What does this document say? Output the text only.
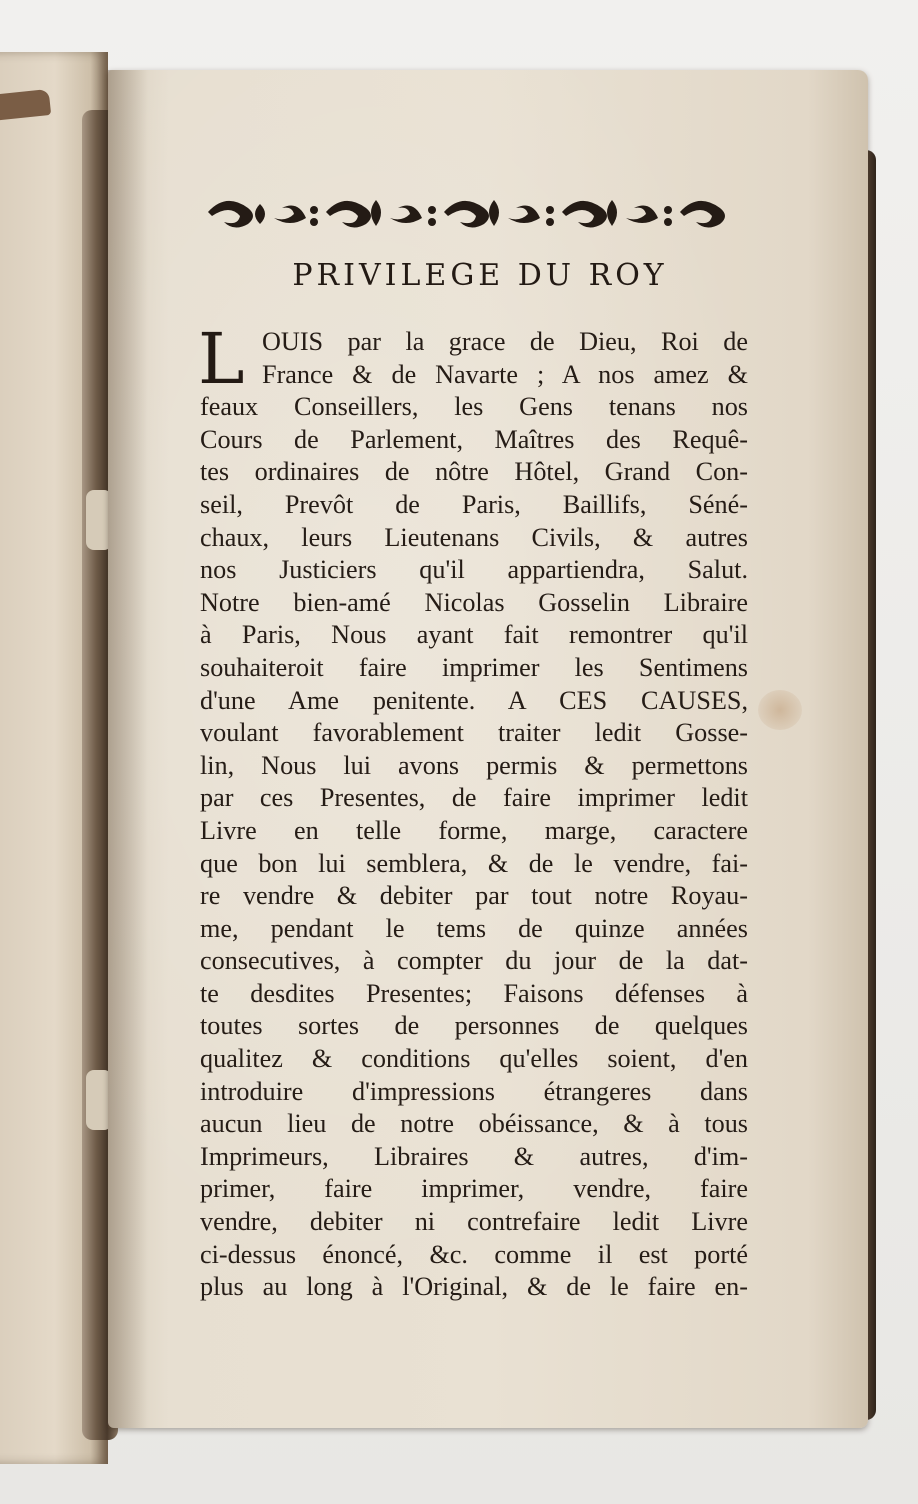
PRIVILEGE DU ROY
L OUIS par la grace de Dieu, Roi de
France & de Navarte ; A nos amez &
feaux Conseillers, les Gens tenans nos
Cours de Parlement, Maîtres des Requê-
tes ordinaires de nôtre Hôtel, Grand Con-
seil, Prevôt de Paris, Baillifs, Séné-
chaux, leurs Lieutenans Civils, & autres
nos Justiciers qu'il appartiendra, Salut.
Notre bien-amé Nicolas Gosselin Libraire
à Paris, Nous ayant fait remontrer qu'il
souhaiteroit faire imprimer les Sentimens
d'une Ame penitente. A CES CAUSES,
voulant favorablement traiter ledit Gosse-
lin, Nous lui avons permis & permettons
par ces Presentes, de faire imprimer ledit
Livre en telle forme, marge, caractere
que bon lui semblera, & de le vendre, fai-
re vendre & debiter par tout notre Royau-
me, pendant le tems de quinze années
consecutives, à compter du jour de la dat-
te desdites Presentes; Faisons défenses à
toutes sortes de personnes de quelques
qualitez & conditions qu'elles soient, d'en
introduire d'impressions étrangeres dans
aucun lieu de notre obéissance, & à tous
Imprimeurs, Libraires & autres, d'im-
primer, faire imprimer, vendre, faire
vendre, debiter ni contrefaire ledit Livre
ci-dessus énoncé, &c. comme il est porté
plus au long à l'Original, & de le faire en-
